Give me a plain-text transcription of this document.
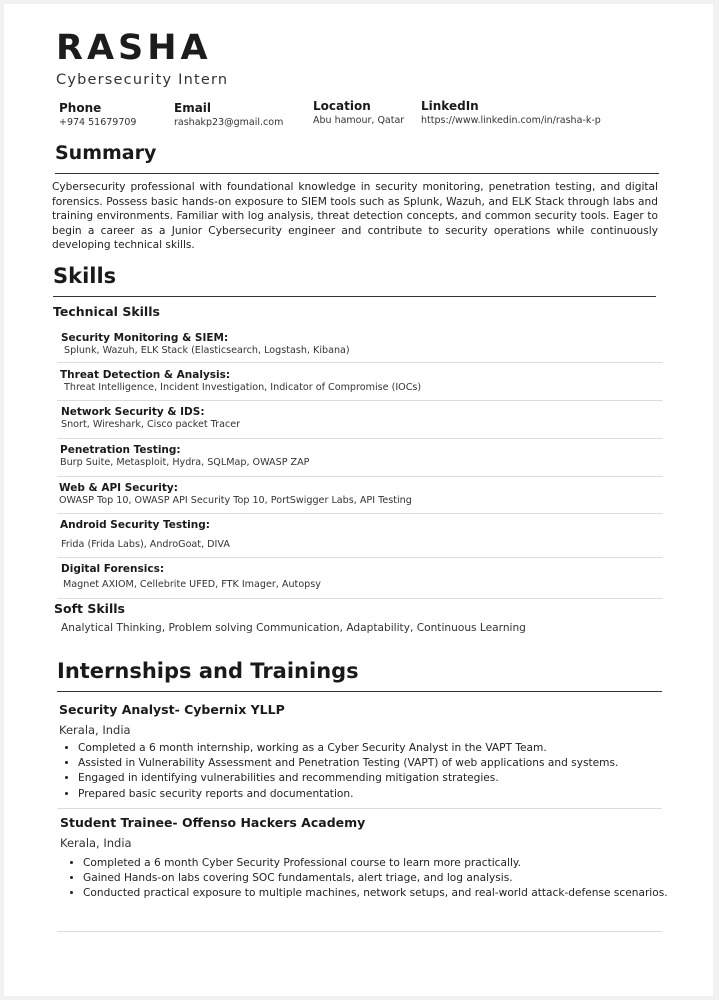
RASHA
Cybersecurity Intern
Phone
+974 51679709
Email
rashakp23@gmail.com
Location
Abu hamour, Qatar
LinkedIn
https://www.linkedin.com/in/rasha-k-p
Summary

Cybersecurity professional with foundational knowledge in security monitoring, penetration testing, and digital forensics. Possess basic hands-on exposure to SIEM tools such as Splunk, Wazuh, and ELK Stack through labs and training environments. Familiar with log analysis, threat detection concepts, and common security tools. Eager to begin a career as a Junior Cybersecurity engineer and contribute to security operations while continuously developing technical skills.

Skills
Technical Skills
Security Monitoring & SIEM:
Splunk, Wazuh, ELK Stack (Elasticsearch, Logstash, Kibana)
Threat Detection & Analysis:
Threat Intelligence, Incident Investigation, Indicator of Compromise (IOCs)
Network Security & IDS:
Snort, Wireshark, Cisco packet Tracer
Penetration Testing:
Burp Suite, Metasploit, Hydra, SQLMap, OWASP ZAP
Web & API Security:
OWASP Top 10, OWASP API Security Top 10, PortSwigger Labs, API Testing
Android Security Testing:
Frida (Frida Labs), AndroGoat, DIVA
Digital Forensics:
Magnet AXIOM, Cellebrite UFED, FTK Imager, Autopsy
Soft Skills
Analytical Thinking, Problem solving Communication, Adaptability, Continuous Learning
Internships and Trainings
Security Analyst- Cybernix YLLP
Kerala, India
• Completed a 6 month internship, working as a Cyber Security Analyst in the VAPT Team.
• Assisted in Vulnerability Assessment and Penetration Testing (VAPT) of web applications and systems.
• Engaged in identifying vulnerabilities and recommending mitigation strategies.
• Prepared basic security reports and documentation.
Student Trainee- Offenso Hackers Academy
Kerala, India
• Completed a 6 month Cyber Security Professional course to learn more practically.
• Gained Hands-on labs covering SOC fundamentals, alert triage, and log analysis.
• Conducted practical exposure to multiple machines, network setups, and real-world attack-defense scenarios.
